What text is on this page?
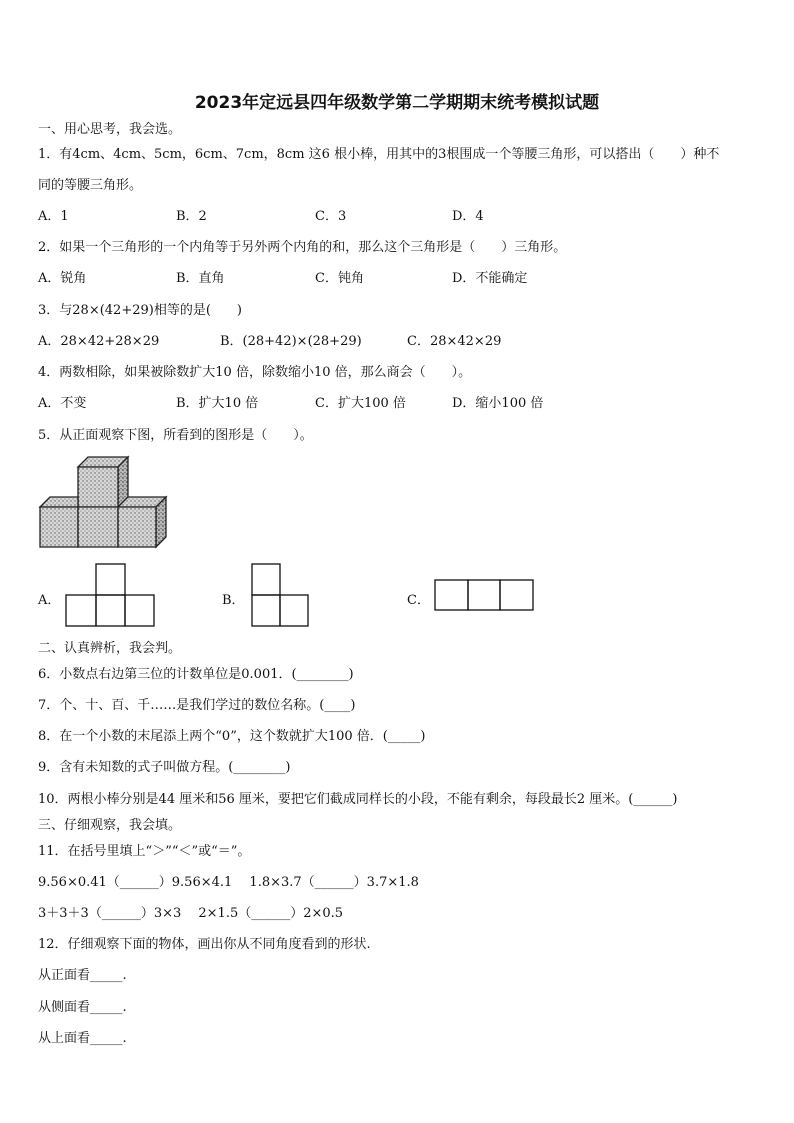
2023年定远县四年级数学第二学期期末统考模拟试题
一、用心思考，我会选。
1．有4cm、4cm、5cm，6cm、7cm，8cm 这6 根小棒，用其中的3根围成一个等腰三角形，可以搭出（　　）种不
同的等腰三角形。
A．1	B．2	C．3	D．4
2．如果一个三角形的一个内角等于另外两个内角的和，那么这个三角形是（　　）三角形。
A．锐角	B．直角	C．钝角	D．不能确定
3．与28×(42+29)相等的是(　　)
A．28×42+28×29	B．(28+42)×(28+29)	C．28×42×29
4．两数相除，如果被除数扩大10 倍，除数缩小10 倍，那么商会（　　）。
A．不变	B．扩大10 倍	C．扩大100 倍	D．缩小100 倍
5．从正面观察下图，所看到的图形是（　　）。
A．	B．	C．
二、认真辨析，我会判。
6．小数点右边第三位的计数单位是0.001．(________)
7．个、十、百、千……是我们学过的数位名称。(____)
8．在一个小数的末尾添上两个“0”，这个数就扩大100 倍．(_____)
9．含有未知数的式子叫做方程。(________)
10．两根小棒分别是44 厘米和56 厘米，要把它们截成同样长的小段，不能有剩余，每段最长2 厘米。(______)
三、仔细观察，我会填。
11．在括号里填上“＞”“＜”或“＝”。
9.56×0.41（______）9.56×4.1　 1.8×3.7（______）3.7×1.8
3＋3＋3（______）3×3　 2×1.5（______）2×0.5
12．仔细观察下面的物体，画出你从不同角度看到的形状.
从正面看_____.
从侧面看_____.
从上面看_____.
